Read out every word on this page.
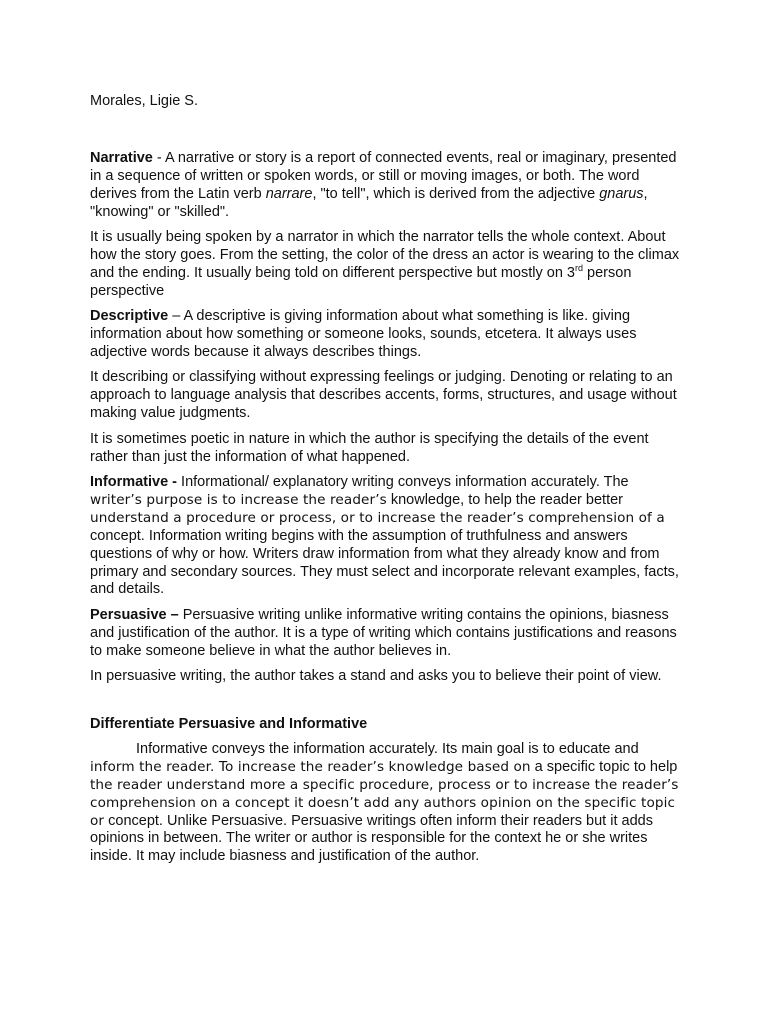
Morales, Ligie S.

Narrative - A narrative or story is a report of connected events, real or imaginary, presented in a sequence of written or spoken words, or still or moving images, or both. The word derives from the Latin verb narrare, "to tell", which is derived from the adjective gnarus, "knowing" or "skilled".

It is usually being spoken by a narrator in which the narrator tells the whole context. About how the story goes. From the setting, the color of the dress an actor is wearing to the climax and the ending. It usually being told on different perspective but mostly on 3rd person perspective

Descriptive – A descriptive is giving information about what something is like. giving information about how something or someone looks, sounds, etcetera. It always uses adjective words because it always describes things.

It describing or classifying without expressing feelings or judging. Denoting or relating to an approach to language analysis that describes accents, forms, structures, and usage without making value judgments.

It is sometimes poetic in nature in which the author is specifying the details of the event rather than just the information of what happened.

Informative - Informational/ explanatory writing conveys information accurately. The writer’s purpose is to increase the reader’s knowledge, to help the reader better understand a procedure or process, or to increase the reader’s comprehension of a concept. Information writing begins with the assumption of truthfulness and answers questions of why or how. Writers draw information from what they already know and from primary and secondary sources. They must select and incorporate relevant examples, facts, and details.

Persuasive – Persuasive writing unlike informative writing contains the opinions, biasness and justification of the author. It is a type of writing which contains justifications and reasons to make someone believe in what the author believes in.

In persuasive writing, the author takes a stand and asks you to believe their point of view.

Differentiate Persuasive and Informative

Informative conveys the information accurately. Its main goal is to educate and inform the reader. To increase the reader’s knowledge based on a specific topic to help the reader understand more a specific procedure, process or to increase the reader’s comprehension on a concept it doesn’t add any authors opinion on the specific topic or concept. Unlike Persuasive. Persuasive writings often inform their readers but it adds opinions in between. The writer or author is responsible for the context he or she writes inside. It may include biasness and justification of the author.
